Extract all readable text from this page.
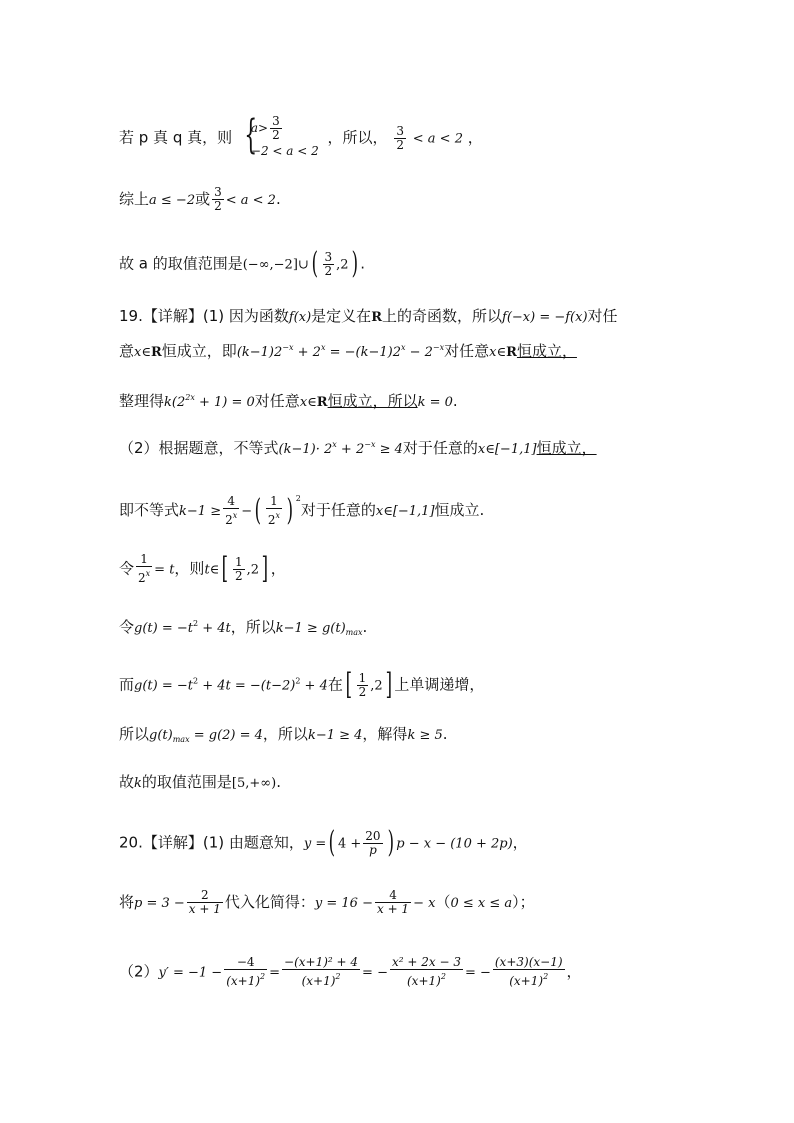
若 p 真 q 真，则
{ $a> \frac{3}{2}$
−2 < a < 2
，所以， $\frac{3}{2} < a < 2$ ，
综上a ≤ −2或 $\frac{3}{2} < a < 2$.
故 a 的取值范围是(−∞,−2]∪( $\frac{3}{2} ,2$) .
19.【详解】(1) 因为函数f(x)是定义在R上的奇函数，所以f(−x) = −f(x)对任
意x∈R恒成立，即$(k-1)2^{-x} + 2^x = -(k-1)2^x - 2^{-x}$对任意x∈R恒成立，
整理得$k(2^{2x} + 1) = 0$对任意x∈R恒成立，所以k = 0.
（2）根据题意，不等式$(k-1)\cdot 2^x + 2^{-x} \ge 4$对于任意的x∈[−1,1]恒成立，
即不等式$k-1 \ge \frac{4}{2^x}$ −( $\frac{1}{2^x}$ ) $^2$对于任意的x∈[−1,1]恒成立.
令 $\frac{1}{2^x} = t$，则t∈[ $\frac{1}{2} ,2$] ，
令$g(t) = -t^2 + 4t$，所以$k-1 \ge g(t)_{max}$.
而$g(t) = -t^2 + 4t = -(t-2)^2 + 4$在[ $\frac{1}{2} ,2$] 上单调递增，
所以$g(t)_{max} = g(2) = 4$，所以k−1 ≥ 4，解得k ≥ 5.
故k的取值范围是[5,+∞).
20.【详解】(1) 由题意知，y =( $4 + \frac{20}{p}$ ) p − x − (10 + 2p)，
将$p = 3 - \frac{2}{x + 1}$ 代入化简得：$y = 16 - \frac{4}{x + 1} - x(0 \le x \le a)$；
$(2)y' = -1 - \frac{-4}{(x+1)^2} = \frac{\text{−(x+1)² + 4}}{(x+1)^2}$ = − $\frac{\text{x² + 2x − 3}}{(x+1)^2}$ = − $\frac{(x+3)(x-1)}{(x+1)^2}$ ，
